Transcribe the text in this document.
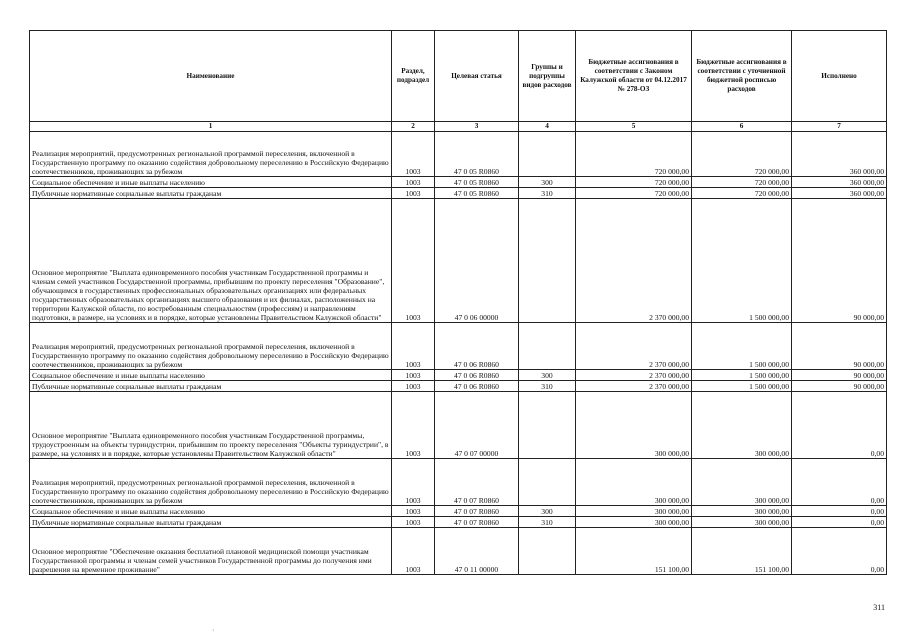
Наименование	Раздел, подраздел	Целевая статья	Группы и подгруппы видов расходов	Бюджетные ассигнования в соответствии с Законом Калужской области от 04.12.2017 № 278-ОЗ	Бюджетные ассигнования в соответствии с уточненной бюджетной росписью расходов	Исполнено
1	2	3	4	5	6	7
Реализация мероприятий, предусмотренных региональной программой переселения, включенной в Государственную программу по оказанию содействия добровольному переселению в Российскую Федерацию соотечественников, проживающих за рубежом	1003	47 0 05 R0860		720 000,00	720 000,00	360 000,00
Социальное обеспечение и иные выплаты населению	1003	47 0 05 R0860	300	720 000,00	720 000,00	360 000,00
Публичные нормативные социальные выплаты гражданам	1003	47 0 05 R0860	310	720 000,00	720 000,00	360 000,00
Основное мероприятие "Выплата единовременного пособия участникам Государственной программы и членам семей участников Государственной программы, прибывшим по проекту переселения "Образование", обучающимся в государственных профессиональных образовательных организациях или федеральных государственных образовательных организациях высшего образования и их филиалах, расположенных на территории Калужской области, по востребованным специальностям (профессиям) и направлениям подготовки, в размере, на условиях и в порядке, которые установлены Правительством Калужской области"	1003	47 0 06 00000		2 370 000,00	1 500 000,00	90 000,00
Реализация мероприятий, предусмотренных региональной программой переселения, включенной в Государственную программу по оказанию содействия добровольному переселению в Российскую Федерацию соотечественников, проживающих за рубежом	1003	47 0 06 R0860		2 370 000,00	1 500 000,00	90 000,00
Социальное обеспечение и иные выплаты населению	1003	47 0 06 R0860	300	2 370 000,00	1 500 000,00	90 000,00
Публичные нормативные социальные выплаты гражданам	1003	47 0 06 R0860	310	2 370 000,00	1 500 000,00	90 000,00
Основное мероприятие "Выплата единовременного пособия участникам Государственной программы, трудоустроенным на объекты туриндустрии, прибывшим по проекту переселения "Объекты туриндустрии", в размере, на условиях и в порядке, которые установлены Правительством Калужской области"	1003	47 0 07 00000		300 000,00	300 000,00	0,00
Реализация мероприятий, предусмотренных региональной программой переселения, включенной в Государственную программу по оказанию содействия добровольному переселению в Российскую Федерацию соотечественников, проживающих за рубежом	1003	47 0 07 R0860		300 000,00	300 000,00	0,00
Социальное обеспечение и иные выплаты населению	1003	47 0 07 R0860	300	300 000,00	300 000,00	0,00
Публичные нормативные социальные выплаты гражданам	1003	47 0 07 R0860	310	300 000,00	300 000,00	0,00
Основное мероприятие "Обеспечение оказания бесплатной плановой медицинской помощи участникам Государственной программы и членам семей участников Государственной программы до получения ими разрешения на временное проживание"	1003	47 0 11 00000		151 100,00	151 100,00	0,00
311
·
